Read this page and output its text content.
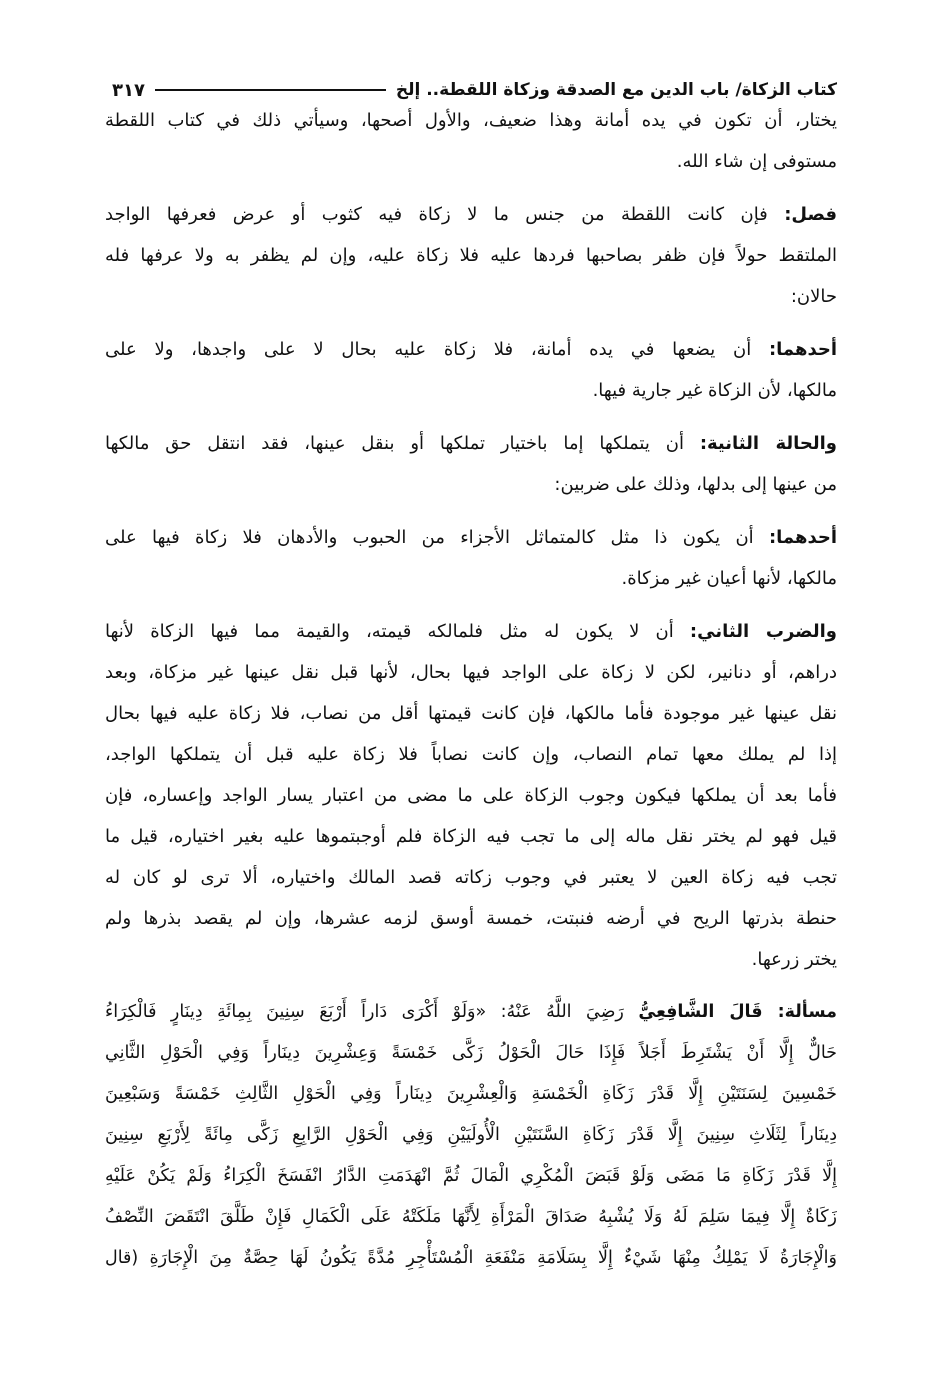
كتاب الزكاة/ باب الدين مع الصدقة وزكاة اللقطة.. إلخ
٣١٧
يختار، أن تكون في يده أمانة وهذا ضعيف، والأول أصحها، وسيأتي ذلك في كتاب اللقطة
مستوفى إن شاء الله.
فصل: فإن كانت اللقطة من جنس ما لا زكاة فيه كثوب أو عرض فعرفها الواجد
الملتقط حولاً فإن ظفر بصاحبها فردها عليه فلا زكاة عليه، وإن لم يظفر به ولا عرفها فله
حالان:
أحدهما: أن يضعها في يده أمانة، فلا زكاة عليه بحال لا على واجدها، ولا على
مالكها، لأن الزكاة غير جارية فيها.
والحالة الثانية: أن يتملكها إما باختيار تملكها أو بنقل عينها، فقد انتقل حق مالكها
من عينها إلى بدلها، وذلك على ضربين:
أحدهما: أن يكون ذا مثل كالمتماثل الأجزاء من الحبوب والأدهان فلا زكاة فيها على
مالكها، لأنها أعيان غير مزكاة.
والضرب الثاني: أن لا يكون له مثل فلمالكه قيمته، والقيمة مما فيها الزكاة لأنها
دراهم، أو دنانير، لكن لا زكاة على الواجد فيها بحال، لأنها قبل نقل عينها غير مزكاة، وبعد
نقل عينها غير موجودة فأما مالكها، فإن كانت قيمتها أقل من نصاب، فلا زكاة عليه فيها بحال
إذا لم يملك معها تمام النصاب، وإن كانت نصاباً فلا زكاة عليه قبل أن يتملكها الواجد،
فأما بعد أن يملكها فيكون وجوب الزكاة على ما مضى من اعتبار يسار الواجد وإعساره، فإن
قيل فهو لم يختر نقل ماله إلى ما تجب فيه الزكاة فلم أوجبتموها عليه بغير اختياره، قيل ما
تجب فيه زكاة العين لا يعتبر في وجوب زكاته قصد المالك واختياره، ألا ترى لو كان له
حنطة بذرتها الريح في أرضه فنبتت، خمسة أوسق لزمه عشرها، وإن لم يقصد بذرها ولم
يختر زرعها.
مسألة: قَالَ الشَّافِعِيُّ رَضِيَ اللَّهُ عَنْهُ: «وَلَوْ أَكْرَى دَاراً أَرْبَعَ سِنِينَ بِمِائَةِ دِينَارٍ فَالْكِرَاءُ
حَالٌّ إِلَّا أَنْ يَشْتَرِطَ أَجَلاً فَإِذَا حَالَ الْحَوْلُ زَكَّى خَمْسَةً وَعِشْرِينَ دِينَاراً وَفِي الْحَوْلِ الثَّانِي
خَمْسِينَ لِسَنَتَيْنِ إِلَّا قَدْرَ زَكَاةِ الْخَمْسَةِ وَالْعِشْرِينَ دِينَاراً وَفِي الْحَوْلِ الثَّالِثِ خَمْسَةً وَسَبْعِينَ
دِينَاراً لِثَلَاثِ سِنِينَ إِلَّا قَدْرَ زَكَاةِ السَّنَتَيْنِ الْأُولَيَيْنِ وَفِي الْحَوْلِ الرَّابِعِ زَكَّى مِائَةً لِأَرْبَعِ سِنِينَ
إِلَّا قَدْرَ زَكَاةِ مَا مَضَى وَلَوْ قَبَضَ الْمُكْرِي الْمَالَ ثُمَّ انْهَدَمَتِ الدَّارُ انْفَسَخَ الْكِرَاءُ وَلَمْ يَكُنْ عَلَيْهِ
زَكَاةٌ إِلَّا فِيمَا سَلِمَ لَهُ وَلَا يُشْبِهُ صَدَاقَ الْمَرْأَةِ لِأَنَّهَا مَلَكَتْهُ عَلَى الْكَمَالِ فَإِنْ طَلَّقَ انْتَقَضَ النِّصْفُ
وَالْإِجَارَةُ لَا يَمْلِكُ مِنْهَا شَيْءٌ إِلَّا بِسَلَامَةِ مَنْفَعَةِ الْمُسْتَأْجِرِ مُدَّةً يَكُونُ لَهَا حِصَّةٌ مِنَ الْإِجَارَةِ (قال
